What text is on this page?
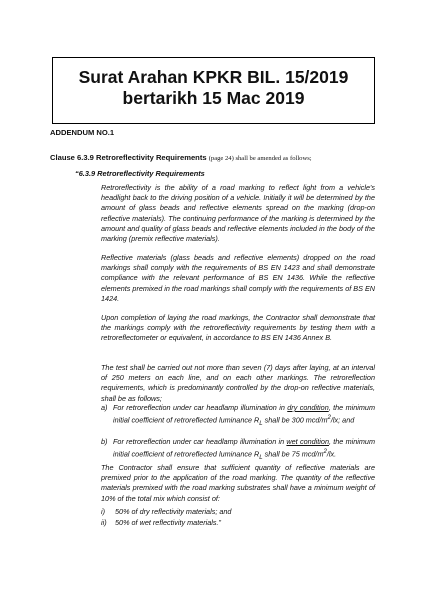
Surat Arahan KPKR BIL. 15/2019
bertarikh 15 Mac 2019
ADDENDUM NO.1
Clause 6.3.9 Retroreflectivity Requirements (page 24) shall be amended as follows;
“6.3.9 Retroreflectivity Requirements
Retroreflectivity is the ability of a road marking to reflect light from a vehicle's headlight back to the driving position of a vehicle. Initially it will be determined by the amount of glass beads and reflective elements spread on the marking (drop-on reflective materials). The continuing performance of the marking is determined by the amount and quality of glass beads and reflective elements included in the body of the marking (premix reflective materials).
Reflective materials (glass beads and reflective elements) dropped on the road markings shall comply with the requirements of BS EN 1423 and shall demonstrate compliance with the relevant performance of BS EN 1436. While the reflective elements premixed in the road markings shall comply with the requirements of BS EN 1424.
Upon completion of laying the road markings, the Contractor shall demonstrate that the markings comply with the retroreflectivity requirements by testing them with a retroreflectometer or equivalent, in accordance to BS EN 1436 Annex B.
The test shall be carried out not more than seven (7) days after laying, at an interval of 250 meters on each line, and on each other markings. The retroreflection requirements, which is predominantly controlled by the drop-on reflective materials, shall be as follows;
a) For retroreflection under car headlamp illumination in dry condition, the minimum initial coefficient of retroreflected luminance $R_L$ shall be 300 mcd/$m^2/lx$; and
b) For retroreflection under car headlamp illumination in wet condition, the minimum initial coefficient of retroreflected luminance $R_L$ shall be 75 mcd/$m^2/lx$.
The Contractor shall ensure that sufficient quantity of reflective materials are premixed prior to the application of the road marking. The quantity of the reflective materials premixed with the road marking substrates shall have a minimum weight of 10% of the total mix which consist of:
i) 50% of dry reflectivity materials; and
ii) 50% of wet reflectivity materials.”
